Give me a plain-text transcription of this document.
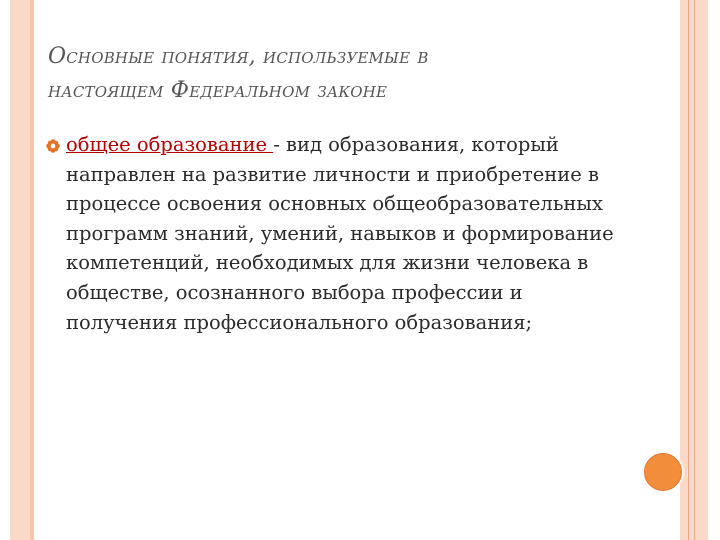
Основные понятия, используемые в
настоящем Федеральном законе
общее образование - вид образования, который направлен на развитие личности и приобретение в процессе освоения основных общеобразовательных программ знаний, умений, навыков и формирование компетенций, необходимых для жизни человека в обществе, осознанного выбора профессии и получения профессионального образования;
